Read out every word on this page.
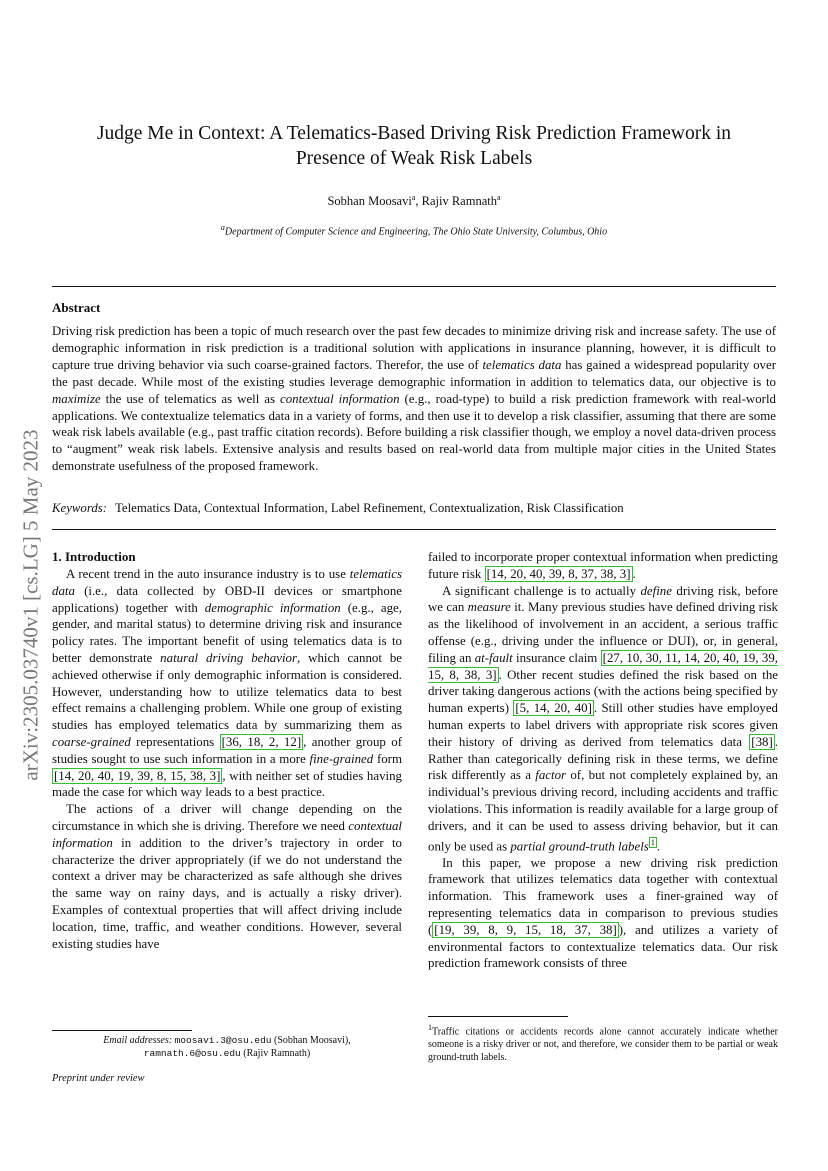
arXiv:2305.03740v1 [cs.LG] 5 May 2023
Judge Me in Context: A Telematics-Based Driving Risk Prediction Framework in
Presence of Weak Risk Labels
Sobhan Moosavi$^a$, Rajiv Ramnath$^a$
$^a$Department of Computer Science and Engineering, The Ohio State University, Columbus, Ohio
Abstract
Driving risk prediction has been a topic of much research over the past few decades to minimize driving risk and increase safety. The use of demographic information in risk prediction is a traditional solution with applications in insurance planning, however, it is difficult to capture true driving behavior via such coarse-grained factors. Therefor, the use of telematics data has gained a widespread popularity over the past decade. While most of the existing studies leverage demographic information in addition to telematics data, our objective is to maximize the use of telematics as well as contextual information (e.g., road-type) to build a risk prediction framework with real-world applications. We contextualize telematics data in a variety of forms, and then use it to develop a risk classifier, assuming that there are some weak risk labels available (e.g., past traffic citation records). Before building a risk classifier though, we employ a novel data-driven process to “augment” weak risk labels. Extensive analysis and results based on real-world data from multiple major cities in the United States demonstrate usefulness of the proposed framework.
Keywords: Telematics Data, Contextual Information, Label Refinement, Contextualization, Risk Classification
1. Introduction

A recent trend in the auto insurance industry is to use telematics data (i.e., data collected by OBD-II devices or smartphone applications) together with demographic information (e.g., age, gender, and marital status) to determine driving risk and insurance policy rates. The important benefit of using telematics data is to better demonstrate natural driving behavior, which cannot be achieved otherwise if only demographic information is considered. However, understanding how to utilize telematics data to best effect remains a challenging problem. While one group of existing studies has employed telematics data by summarizing them as coarse-grained representations [36, 18, 2, 12] , another group of studies sought to use such information in a more fine-grained form [14, 20, 40, 19, 39, 8, 15, 38, 3] , with neither set of studies having made the case for which way leads to a best practice.

The actions of a driver will change depending on the circumstance in which she is driving. Therefore we need contextual information in addition to the driver’s trajectory in order to characterize the driver appropriately (if we do not understand the context a driver may be characterized as safe although she drives the same way on rainy days, and is actually a risky driver). Examples of contextual properties that will affect driving include location, time, traffic, and weather conditions. However, several existing studies have

failed to incorporate proper contextual information when predicting future risk [14, 20, 40, 39, 8, 37, 38, 3] .

A significant challenge is to actually define driving risk, before we can measure it. Many previous studies have defined driving risk as the likelihood of involvement in an accident, a serious traffic offense (e.g., driving under the influence or DUI), or, in general, filing an at-fault insurance claim [27, 10, 30, 11, 14, 20, 40, 19, 39, 15, 8, 38, 3] . Other recent studies defined the risk based on the driver taking dangerous actions (with the actions being specified by human experts) [5, 14, 20, 40] . Still other studies have employed human experts to label drivers with appropriate risk scores given their history of driving as derived from telematics data [38] . Rather than categorically defining risk in these terms, we define risk differently as a factor of, but not completely explained by, an individual’s previous driving record, including accidents and traffic violations. This information is readily available for a large group of drivers, and it can be used to assess driving behavior, but it can only be used as partial ground-truth labels $^1$ .

In this paper, we propose a new driving risk prediction framework that utilizes telematics data together with contextual information. This framework uses a finer-grained way of representing telematics data in comparison to previous studies ( [19, 39, 8, 9, 15, 18, 37, 38] ), and utilizes a variety of environmental factors to contextualize telematics data. Our risk prediction framework consists of three

Email addresses: moosavi.3@osu.edu (Sobhan Moosavi),
ramnath.6@osu.edu (Rajiv Ramnath)
$^1$Traffic citations or accidents records alone cannot accurately indicate whether someone is a risky driver or not, and therefore, we consider them to be partial or weak ground-truth labels.
Preprint under review
